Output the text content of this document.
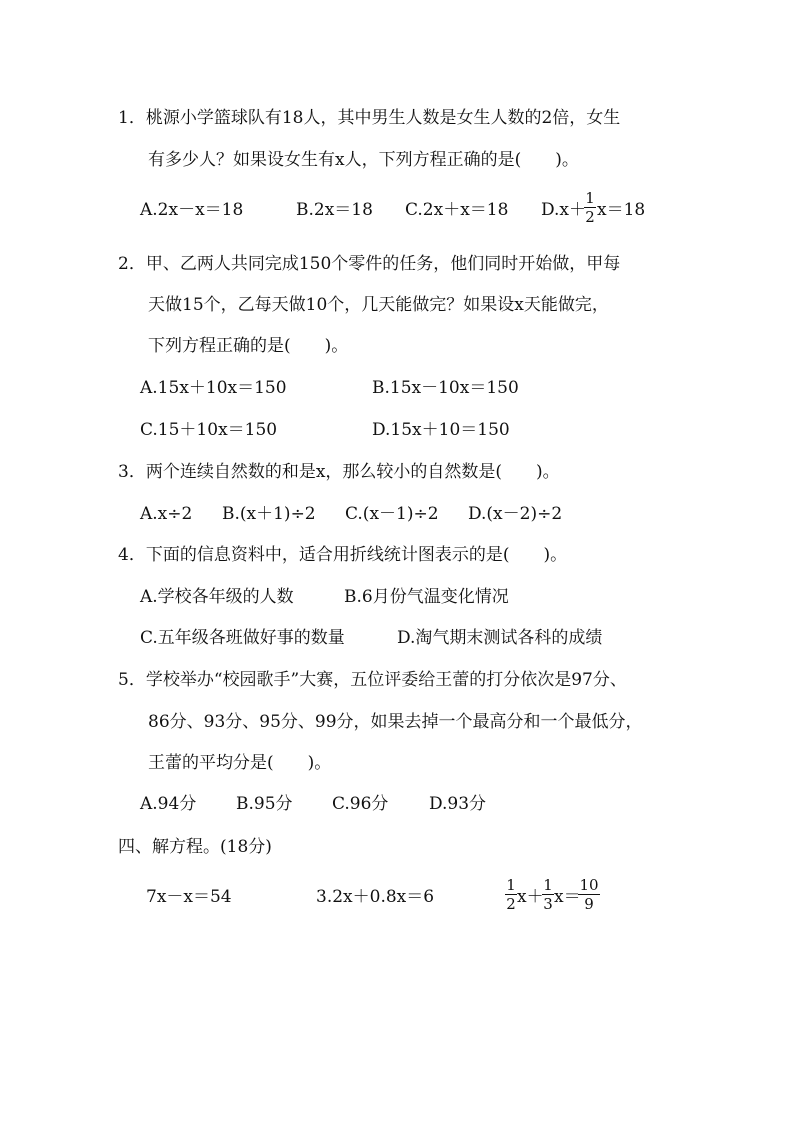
1．桃源小学篮球队有18人，其中男生人数是女生人数的2倍，女生
有多少人？如果设女生有x人，下列方程正确的是(　　)。
A.2x－x＝18	B.2x＝18 C.2x＋x＝18 D.x＋
1
2 x＝18
2．甲、乙两人共同完成150个零件的任务，他们同时开始做，甲每
天做15个，乙每天做10个，几天能做完？如果设x天能做完，
下列方程正确的是(　　)。
A.15x＋10x＝150	B.15x－10x＝150
C.15＋10x＝150	D.15x＋10＝150
3．两个连续自然数的和是x，那么较小的自然数是(　　)。
A.x÷2 B.(x＋1)÷2 C.(x－1)÷2 D.(x－2)÷2
4．下面的信息资料中，适合用折线统计图表示的是(　　)。
A.学校各年级的人数	B.6月份气温变化情况
C.五年级各班做好事的数量	D.淘气期末测试各科的成绩
5．学校举办“校园歌手”大赛，五位评委给王蕾的打分依次是97分、
86分、93分、95分、99分，如果去掉一个最高分和一个最低分，
王蕾的平均分是(　　)。
A.94分 B.95分 C.96分 D.93分
四、解方程。(18分)
7x－x＝54	3.2x＋0.8x＝6
1
2 x＋
1
3 x＝
10
9
